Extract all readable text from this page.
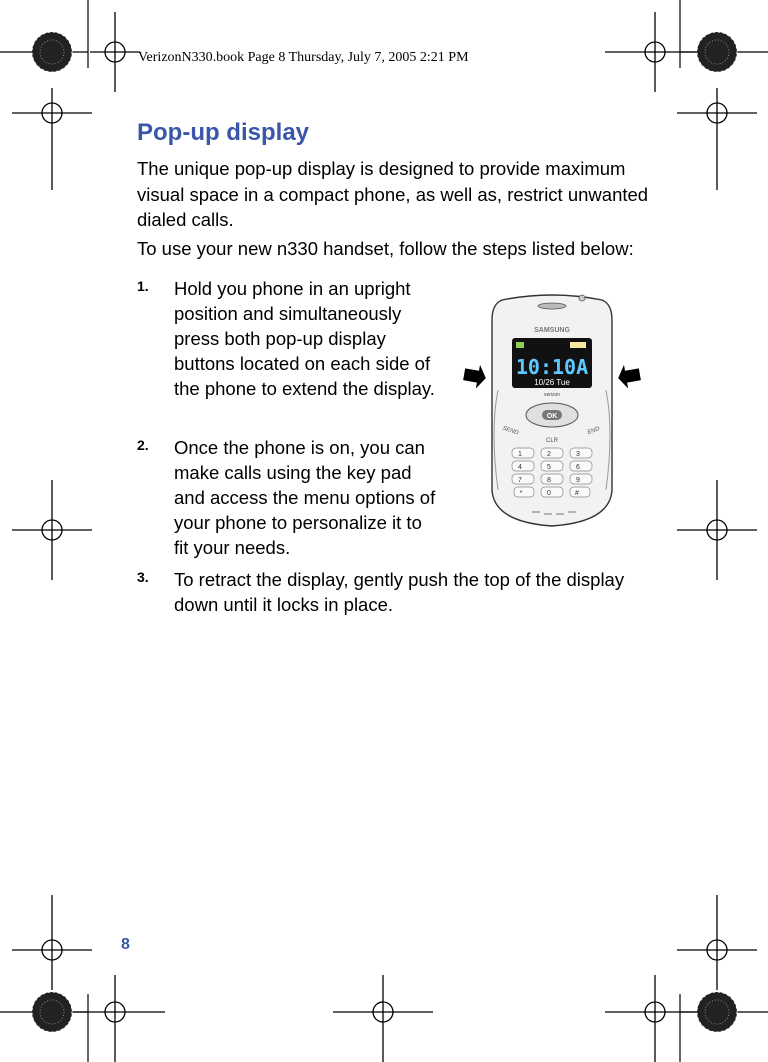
VerizonN330.book Page 8 Thursday, July 7, 2005 2:21 PM
Pop-up display

The unique pop-up display is designed to provide maximum visual space in a compact phone, as well as, restrict unwanted dialed calls.

To use your new n330 handset, follow the steps listed below:

1. Hold you phone in an upright position and simultaneously press both pop-up display buttons located on each side of the phone to extend the display.
2. Once the phone is on, you can make calls using the key pad and access the menu options of your phone to personalize it to fit your needs.
3. To retract the display, gently push the top of the display down until it locks in place.
SAMSUNG
10:10A
10/26 Tue
verizon
OK
SEND	END
CLR
1	2	3
4	5	6
7	8	9
*	0	#
8
